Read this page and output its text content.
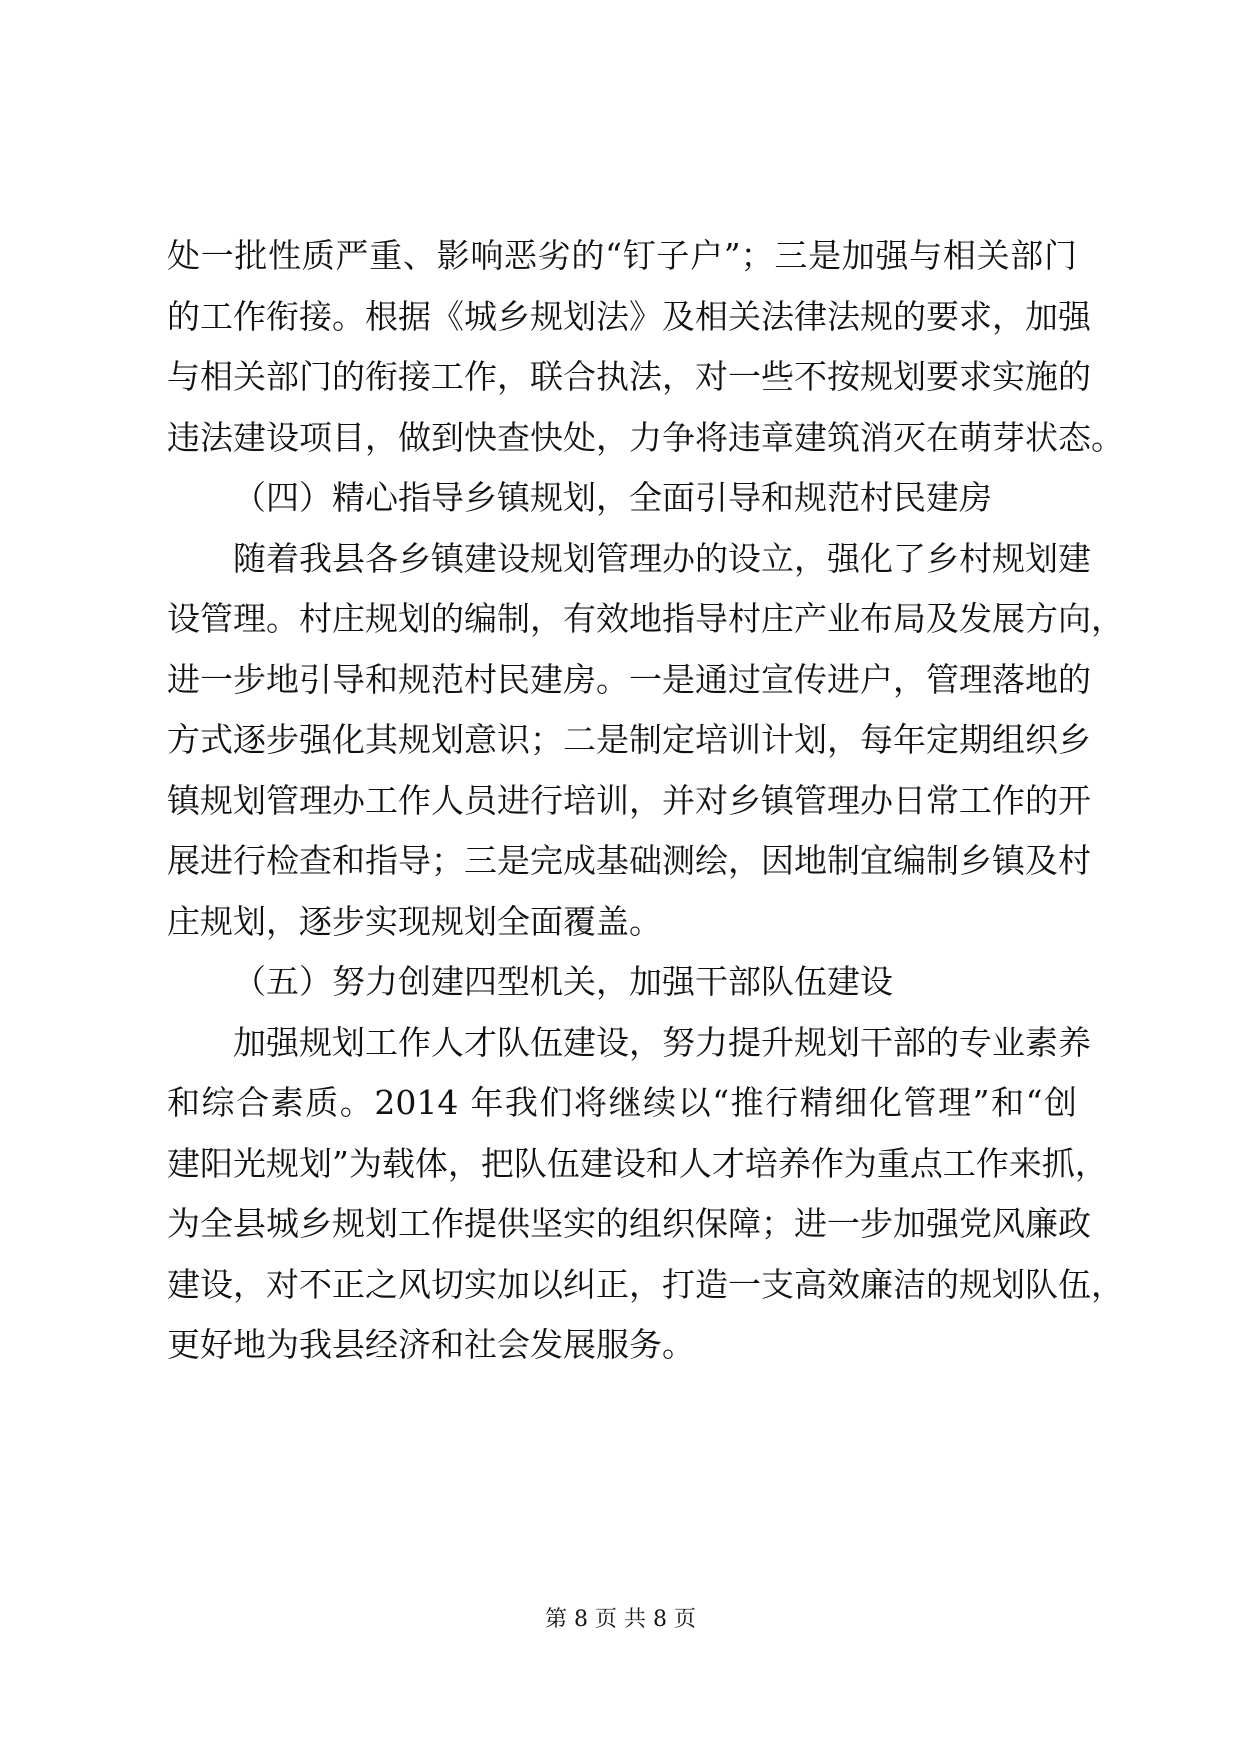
处一批性质严重、影响恶劣的“钉子户”；三是加强与相关部门
的工作衔接。根据《城乡规划法》及相关法律法规的要求，加强
与相关部门的衔接工作，联合执法，对一些不按规划要求实施的
违法建设项目，做到快查快处，力争将违章建筑消灭在萌芽状态。
（四）精心指导乡镇规划，全面引导和规范村民建房
随着我县各乡镇建设规划管理办的设立，强化了乡村规划建
设管理。村庄规划的编制，有效地指导村庄产业布局及发展方向，
进一步地引导和规范村民建房。一是通过宣传进户，管理落地的
方式逐步强化其规划意识；二是制定培训计划，每年定期组织乡
镇规划管理办工作人员进行培训，并对乡镇管理办日常工作的开
展进行检查和指导；三是完成基础测绘，因地制宜编制乡镇及村
庄规划，逐步实现规划全面覆盖。
（五）努力创建四型机关，加强干部队伍建设
加强规划工作人才队伍建设，努力提升规划干部的专业素养
和综合素质。2014 年我们将继续以“推行精细化管理”和“创
建阳光规划”为载体，把队伍建设和人才培养作为重点工作来抓，
为全县城乡规划工作提供坚实的组织保障；进一步加强党风廉政
建设，对不正之风切实加以纠正，打造一支高效廉洁的规划队伍，
更好地为我县经济和社会发展服务。
第 8 页 共 8 页
